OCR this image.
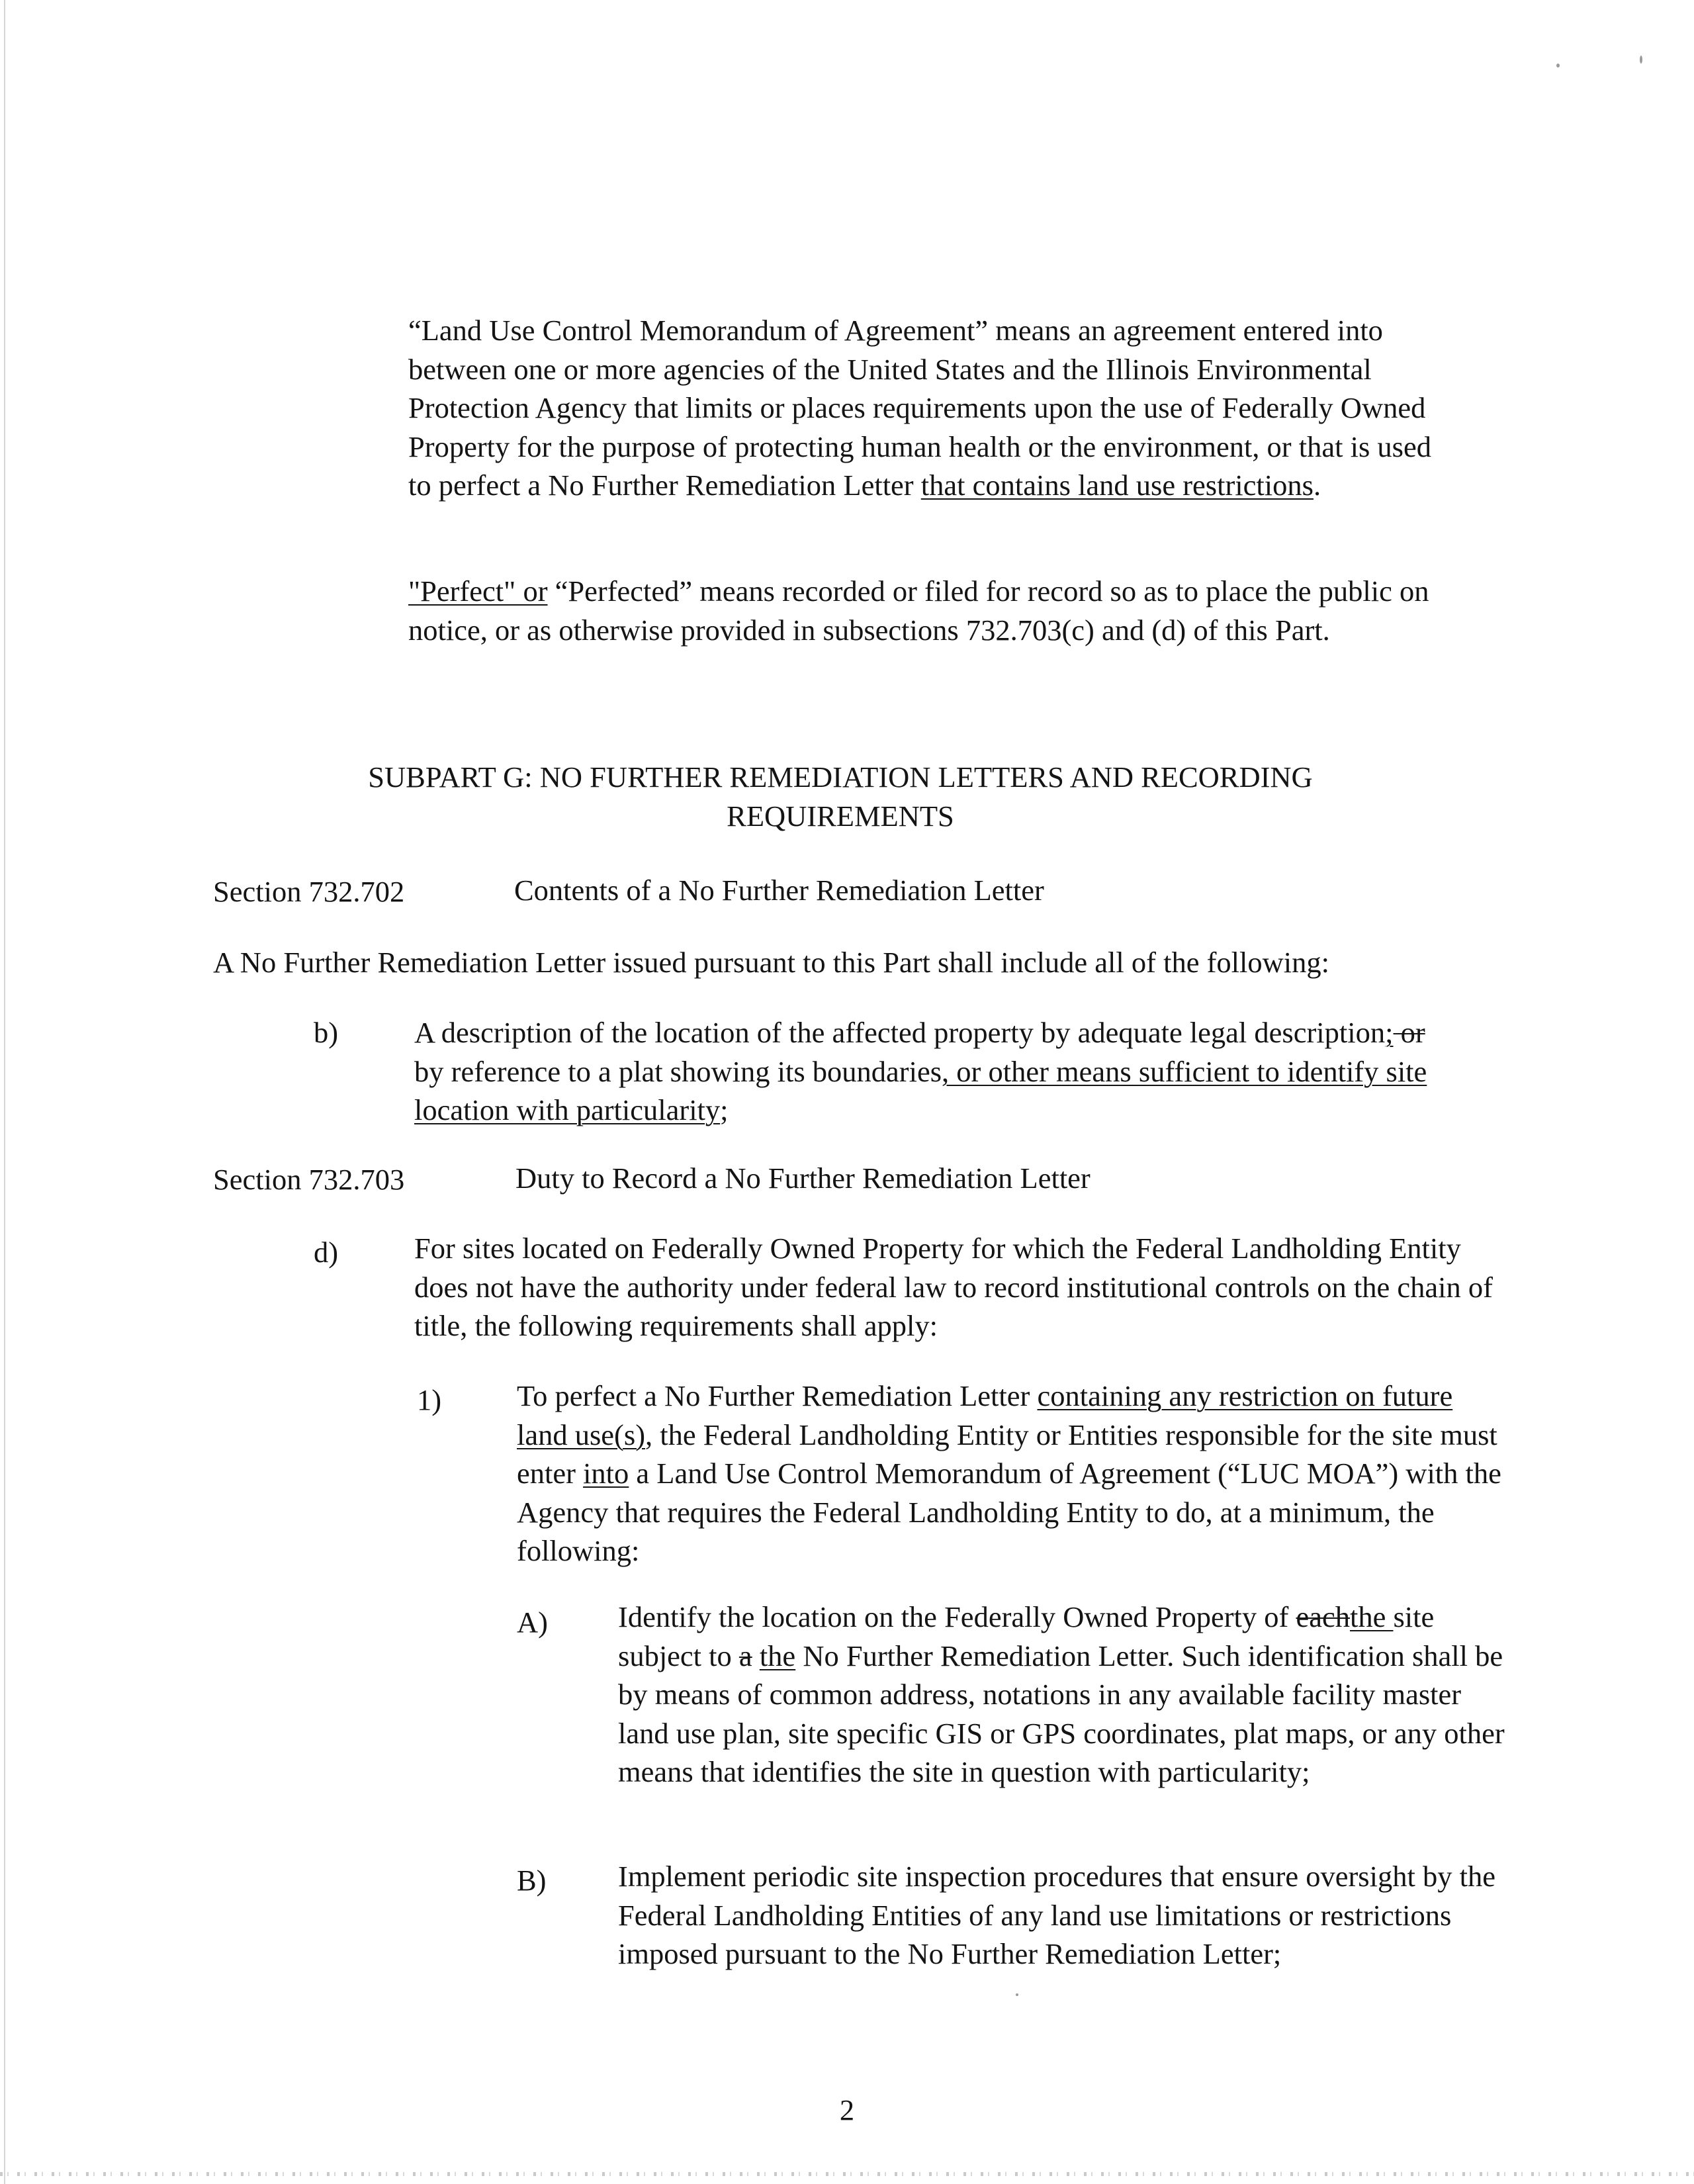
“Land Use Control Memorandum of Agreement” means an agreement entered into between one or more agencies of the United States and the Illinois Environmental Protection Agency that limits or places requirements upon the use of Federally Owned Property for the purpose of protecting human health or the environment, or that is used to perfect a No Further Remediation Letter that contains land use restrictions.

"Perfect" or “Perfected” means recorded or filed for record so as to place the public on notice, or as otherwise provided in subsections 732.703(c) and (d) of this Part.

SUBPART G: NO FURTHER REMEDIATION LETTERS AND RECORDING
REQUIREMENTS
Section 732.702	Contents of a No Further Remediation Letter
A No Further Remediation Letter issued pursuant to this Part shall include all of the following:
b)	A description of the location of the affected property by adequate legal description; or by reference to a plat showing its boundaries, or other means sufficient to identify site location with particularity;

Section 732.703	Duty to Record a No Further Remediation Letter
d)	For sites located on Federally Owned Property for which the Federal Landholding Entity does not have the authority under federal law to record institutional controls on the chain of title, the following requirements shall apply:

1)	To perfect a No Further Remediation Letter containing any restriction on future land use(s), the Federal Landholding Entity or Entities responsible for the site must enter into a Land Use Control Memorandum of Agreement (“LUC MOA”) with the Agency that requires the Federal Landholding Entity to do, at a minimum, the following:

A) Identify the location on the Federally Owned Property of eachthe site subject to a the No Further Remediation Letter. Such identification shall be by means of common address, notations in any available facility master land use plan, site specific GIS or GPS coordinates, plat maps, or any other means that identifies the site in question with particularity;

B) Implement periodic site inspection procedures that ensure oversight by the Federal Landholding Entities of any land use limitations or restrictions imposed pursuant to the No Further Remediation Letter;

2
